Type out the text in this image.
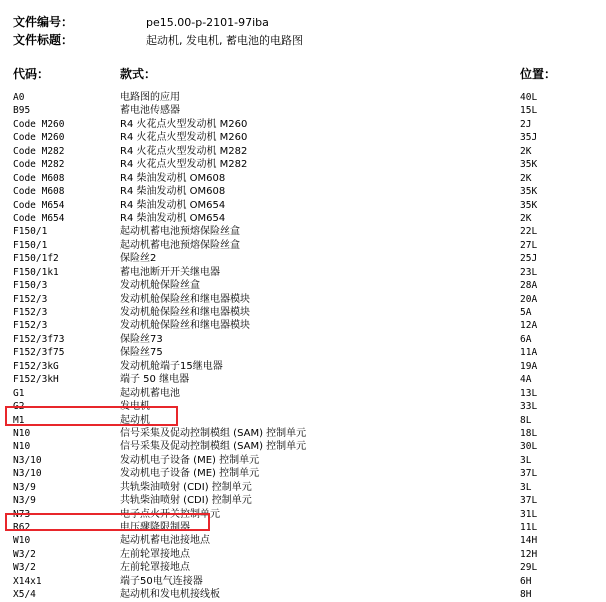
文件编号：	pe15.00-p-2101-97iba
文件标题：	起动机, 发电机, 蓄电池的电路图
代码：	款式：	位置：
A0	电路图的应用	40L
B95	蓄电池传感器	15L
Code M260	R4 火花点火型发动机 M260	2J
Code M260	R4 火花点火型发动机 M260	35J
Code M282	R4 火花点火型发动机 M282	2K
Code M282	R4 火花点火型发动机 M282	35K
Code M608	R4 柴油发动机 OM608	2K
Code M608	R4 柴油发动机 OM608	35K
Code M654	R4 柴油发动机 OM654	35K
Code M654	R4 柴油发动机 OM654	2K
F150/1	起动机蓄电池预熔保险丝盒	22L
F150/1	起动机蓄电池预熔保险丝盒	27L
F150/1f2	保险丝2	25J
F150/1k1	蓄电池断开开关继电器	23L
F150/3	发动机舱保险丝盒	28A
F152/3	发动机舱保险丝和继电器模块	20A
F152/3	发动机舱保险丝和继电器模块	5A
F152/3	发动机舱保险丝和继电器模块	12A
F152/3f73	保险丝73	6A
F152/3f75	保险丝75	11A
F152/3kG	发动机舱端子15继电器	19A
F152/3kH	端子 50 继电器	4A
G1	起动机蓄电池	13L
G2	发电机	33L
M1	起动机	8L
N10	信号采集及促动控制模组 (SAM) 控制单元	18L
N10	信号采集及促动控制模组 (SAM) 控制单元	30L
N3/10	发动机电子设备 (ME) 控制单元	3L
N3/10	发动机电子设备 (ME) 控制单元	37L
N3/9	共轨柴油喷射 (CDI) 控制单元	3L
N3/9	共轨柴油喷射 (CDI) 控制单元	37L
N73	电子点火开关控制单元	31L
R62	电压骤降限制器	11L
W10	起动机蓄电池接地点	14H
W3/2	左前轮罩接地点	12H
W3/2	左前轮罩接地点	29L
X14x1	端子50电气连接器	6H
X5/4	起动机和发电机接线板	8H
